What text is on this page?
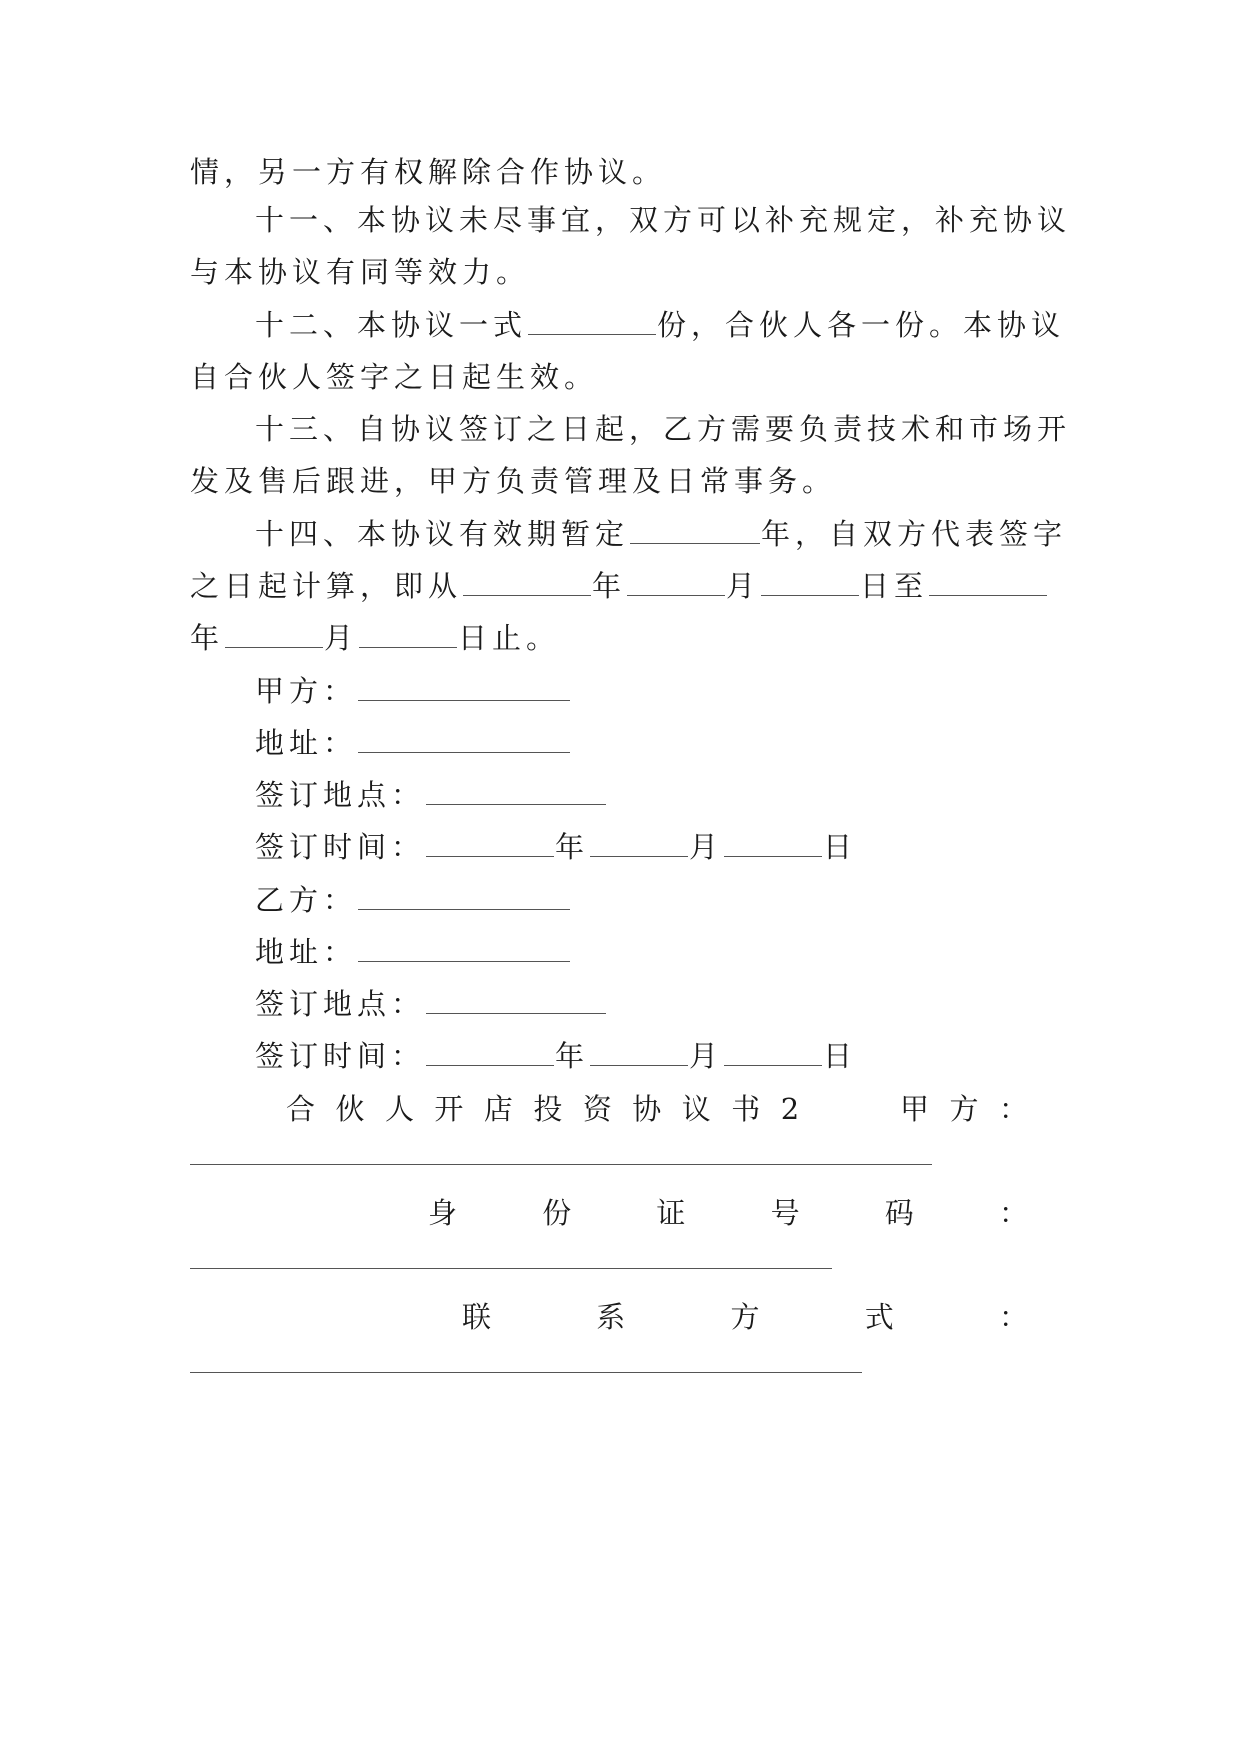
情，另一方有权解除合作协议。
十一、本协议未尽事宜，双方可以补充规定，补充协议
与本协议有同等效力。
十二、本协议一式	份，合伙人各一份。本协议
自合伙人签字之日起生效。
十三、自协议签订之日起，乙方需要负责技术和市场开
发及售后跟进，甲方负责管理及日常事务。
十四、本协议有效期暂定	年，自双方代表签字
之日起计算，即从	年	月	日至
年	月	日止。
甲方：
地址：
签订地点：
签订时间：	年	月	日
乙方：
地址：
签订地点：
签订时间：	年	月	日
合 伙 人 开 店 投 资 协 议 书 2	甲 方 ：
身	份	证	号	码	：
联	系	方	式	：
